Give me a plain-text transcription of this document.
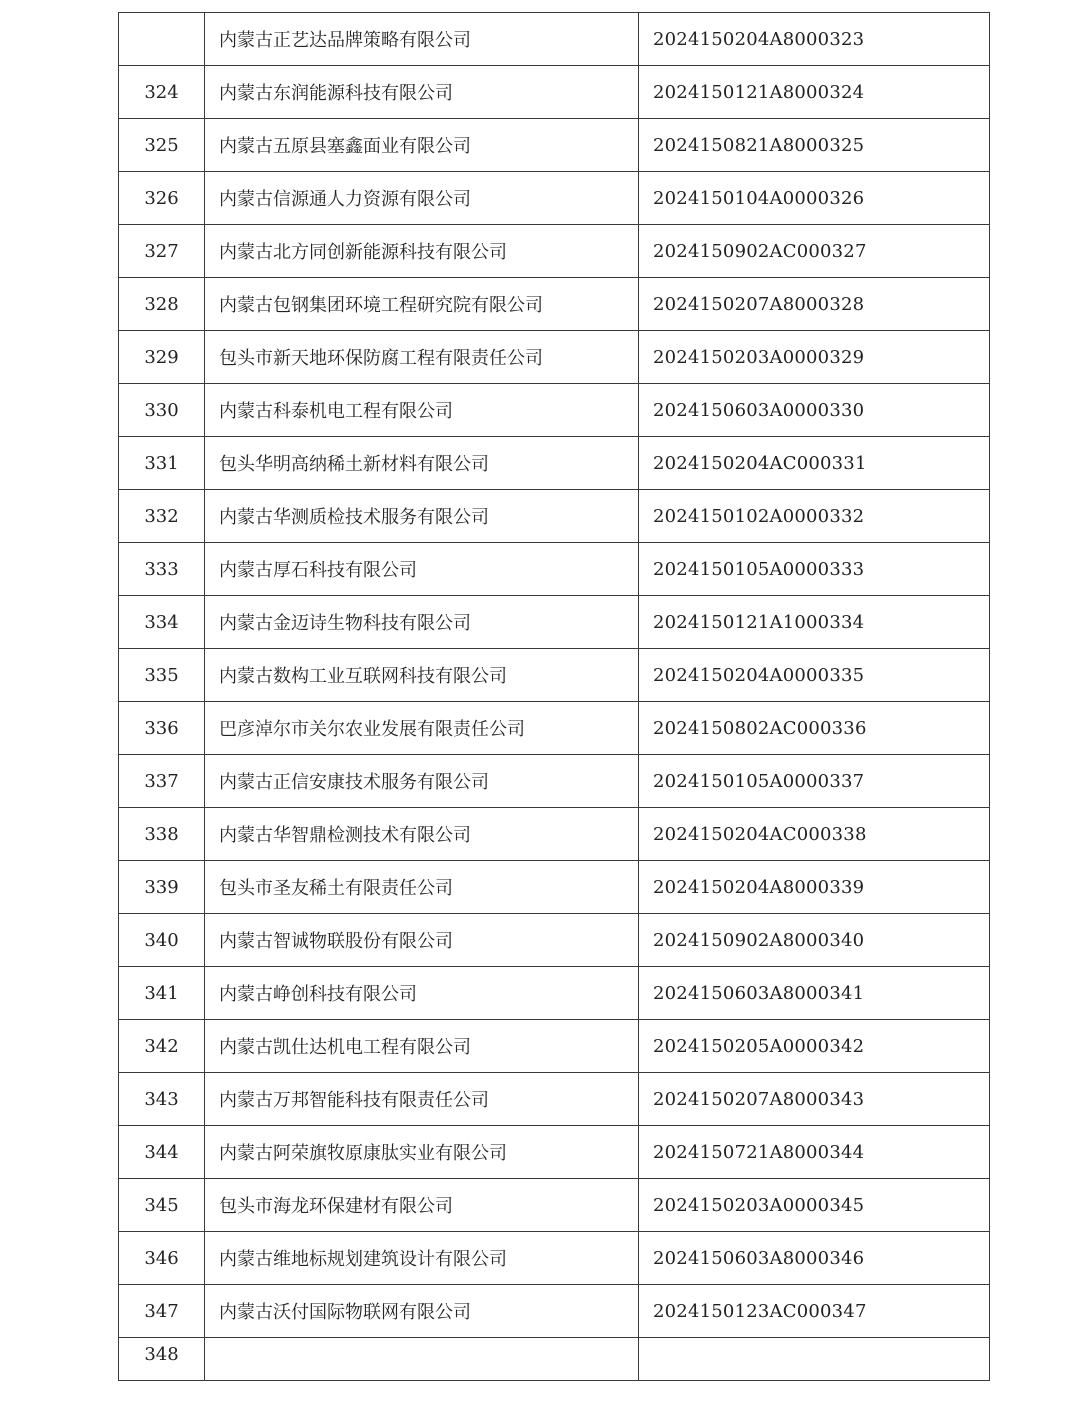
	内蒙古正艺达品牌策略有限公司	2024150204A8000323
324	内蒙古东润能源科技有限公司	2024150121A8000324
325	内蒙古五原县塞鑫面业有限公司	2024150821A8000325
326	内蒙古信源通人力资源有限公司	2024150104A0000326
327	内蒙古北方同创新能源科技有限公司	2024150902AC000327
328	内蒙古包钢集团环境工程研究院有限公司	2024150207A8000328
329	包头市新天地环保防腐工程有限责任公司	2024150203A0000329
330	内蒙古科泰机电工程有限公司	2024150603A0000330
331	包头华明高纳稀土新材料有限公司	2024150204AC000331
332	内蒙古华测质检技术服务有限公司	2024150102A0000332
333	内蒙古厚石科技有限公司	2024150105A0000333
334	内蒙古金迈诗生物科技有限公司	2024150121A1000334
335	内蒙古数构工业互联网科技有限公司	2024150204A0000335
336	巴彦淖尔市关尔农业发展有限责任公司	2024150802AC000336
337	内蒙古正信安康技术服务有限公司	2024150105A0000337
338	内蒙古华智鼎检测技术有限公司	2024150204AC000338
339	包头市圣友稀土有限责任公司	2024150204A8000339
340	内蒙古智诚物联股份有限公司	2024150902A8000340
341	内蒙古峥创科技有限公司	2024150603A8000341
342	内蒙古凯仕达机电工程有限公司	2024150205A0000342
343	内蒙古万邦智能科技有限责任公司	2024150207A8000343
344	内蒙古阿荣旗牧原康肽实业有限公司	2024150721A8000344
345	包头市海龙环保建材有限公司	2024150203A0000345
346	内蒙古维地标规划建筑设计有限公司	2024150603A8000346
347	内蒙古沃付国际物联网有限公司	2024150123AC000347
348		
